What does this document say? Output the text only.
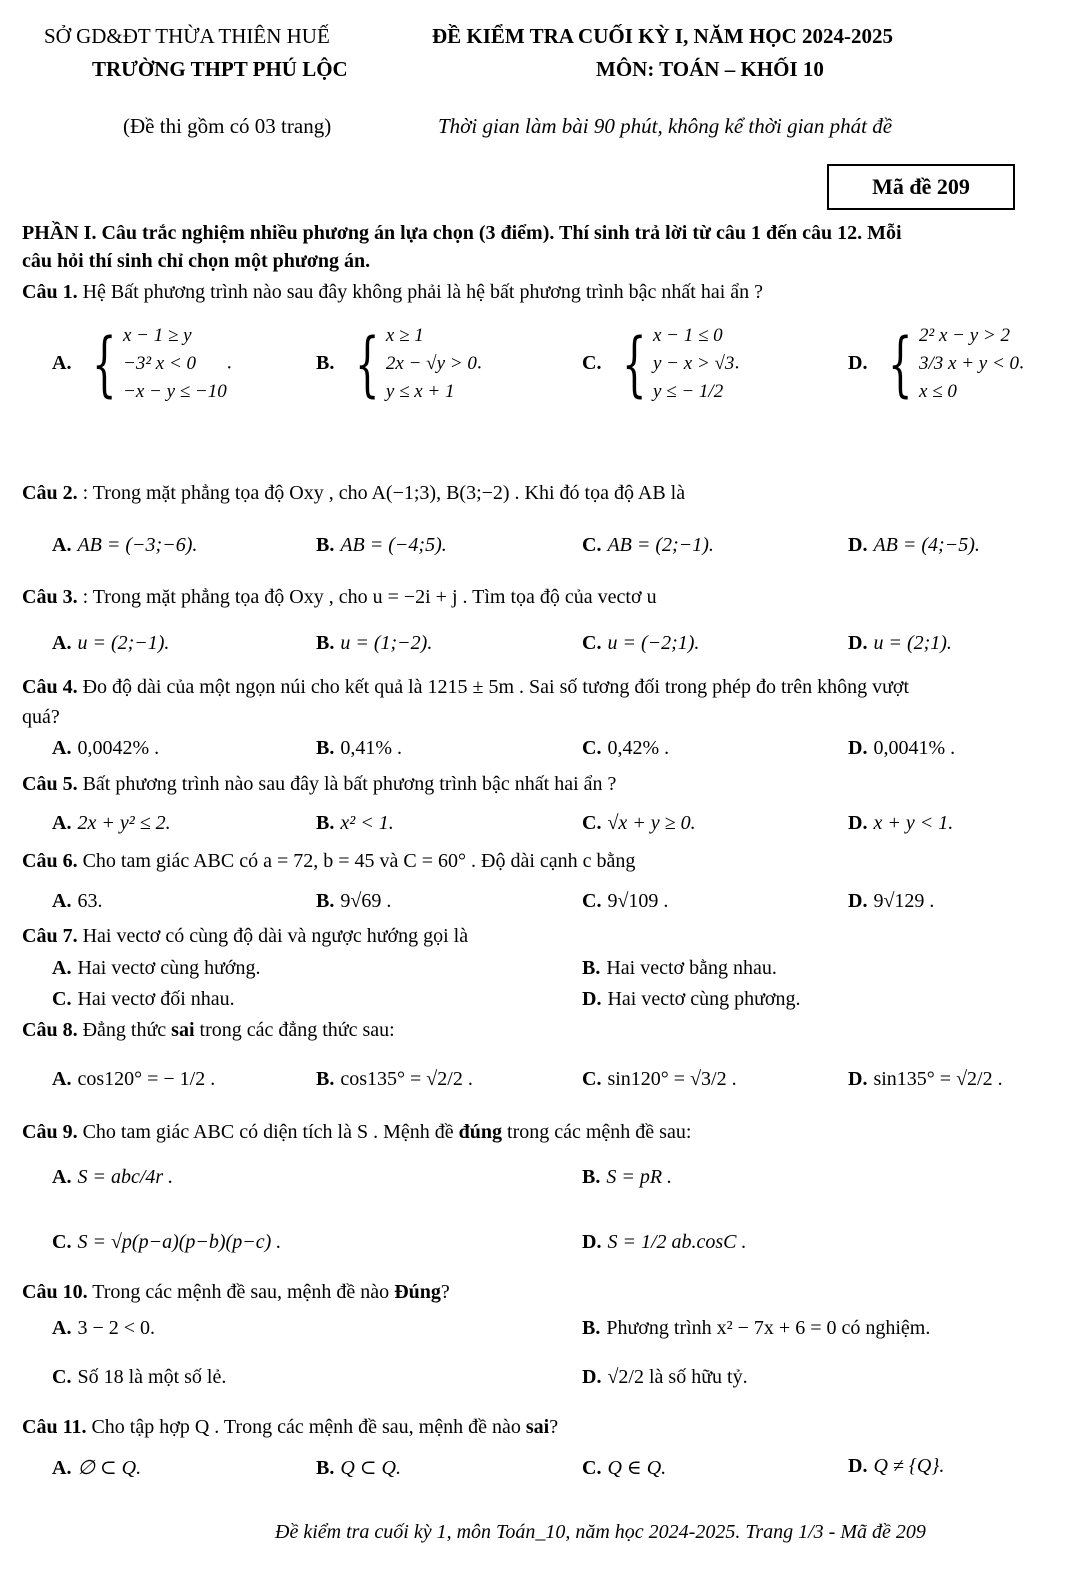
SỞ GD&ĐT THỪA THIÊN HUẾ	ĐỀ KIỂM TRA CUỐI KỲ I, NĂM HỌC 2024-2025
TRƯỜNG THPT PHÚ LỘC	MÔN: TOÁN – KHỐI 10
(Đề thi gồm có 03 trang)	Thời gian làm bài 90 phút, không kể thời gian phát đề
Mã đề 209
PHẦN I. Câu trắc nghiệm nhiều phương án lựa chọn (3 điểm). Thí sinh trả lời từ câu 1 đến câu 12. Mỗi
câu hỏi thí sinh chỉ chọn một phương án.
Câu 1. Hệ Bất phương trình nào sau đây không phải là hệ bất phương trình bậc nhất hai ẩn ?
A. { x − 1 ≥ y
−3² x < 0
−x − y ≤ −10
.	B. { x ≥ 1
2x − √y > 0
y ≤ x + 1
.	C. { x − 1 ≤ 0
y − x > √3
y ≤ − 1/2
.	D. { 2² x − y > 2
3/3 x + y < 0
x ≤ 0
.
Câu 2. : Trong mặt phẳng tọa độ Oxy , cho A(−1;3), B(3;−2) . Khi đó tọa độ AB là
A. AB = (−3;−6).	B. AB = (−4;5).	C. AB = (2;−1).	D. AB = (4;−5).
Câu 3. : Trong mặt phẳng tọa độ Oxy , cho u = −2i + j . Tìm tọa độ của vectơ u
A. u = (2;−1).	B. u = (1;−2).	C. u = (−2;1).	D. u = (2;1).
Câu 4. Đo độ dài của một ngọn núi cho kết quả là 1215 ± 5m . Sai số tương đối trong phép đo trên không vượt
quá?
A. 0,0042% .	B. 0,41% .	C. 0,42% .	D. 0,0041% .
Câu 5. Bất phương trình nào sau đây là bất phương trình bậc nhất hai ẩn ?
A. 2x + y² ≤ 2.	B. x² < 1.	C. √x + y ≥ 0.	D. x + y < 1.
Câu 6. Cho tam giác ABC có a = 72, b = 45 và C = 60° . Độ dài cạnh c bằng
A. 63.	B. 9√69 .	C. 9√109 .	D. 9√129 .
Câu 7. Hai vectơ có cùng độ dài và ngược hướng gọi là
A. Hai vectơ cùng hướng.	B. Hai vectơ bằng nhau.
C. Hai vectơ đối nhau.	D. Hai vectơ cùng phương.
Câu 8. Đẳng thức sai trong các đẳng thức sau:
A. cos120° = − 1/2 .	B. cos135° = √2/2 .	C. sin120° = √3/2 .	D. sin135° = √2/2 .
Câu 9. Cho tam giác ABC có diện tích là S . Mệnh đề đúng trong các mệnh đề sau:
A. S = abc/4r .	B. S = pR .
C. S = √p(p−a)(p−b)(p−c) .	D. S = 1/2 ab.cosC .
Câu 10. Trong các mệnh đề sau, mệnh đề nào Đúng?
A. 3 − 2 < 0.	B. Phương trình x² − 7x + 6 = 0 có nghiệm.
C. Số 18 là một số lẻ.	D. √2/2 là số hữu tỷ.
Câu 11. Cho tập hợp Q . Trong các mệnh đề sau, mệnh đề nào sai?
A. ∅ ⊂ Q.	B. Q ⊂ Q.	C. Q ∈ Q.	D. Q ≠ {Q}.
Đề kiểm tra cuối kỳ 1, môn Toán_10, năm học 2024-2025. Trang 1/3 - Mã đề 209
